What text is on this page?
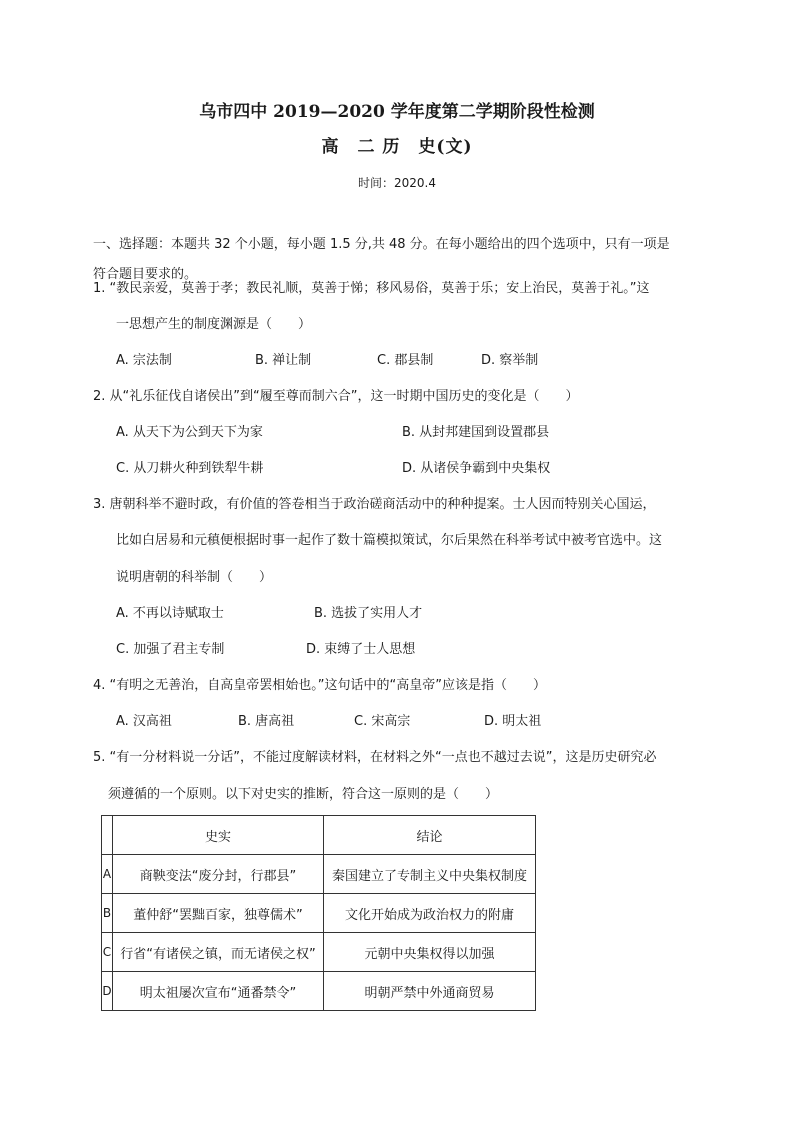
乌市四中 2019—2020 学年度第二学期阶段性检测
高　二 历　史(文)
时间：2020.4
一、选择题：本题共 32 个小题，每小题 1.5 分,共 48 分。在每小题给出的四个选项中，只有一项是
符合题目要求的。
1. “教民亲爱，莫善于孝；教民礼顺，莫善于悌；移风易俗，莫善于乐；安上治民，莫善于礼。”这
一思想产生的制度渊源是（　　）
A. 宗法制	B. 禅让制	C. 郡县制	D. 察举制
2. 从“礼乐征伐自诸侯出”到“履至尊而制六合”，这一时期中国历史的变化是（　　）
A. 从天下为公到天下为家	B. 从封邦建国到设置郡县
C. 从刀耕火种到铁犁牛耕	D. 从诸侯争霸到中央集权
3. 唐朝科举不避时政，有价值的答卷相当于政治磋商活动中的种种提案。士人因而特别关心国运，
比如白居易和元稹便根据时事一起作了数十篇模拟策试，尔后果然在科举考试中被考官选中。这
说明唐朝的科举制（　　）
A. 不再以诗赋取士	B. 选拔了实用人才
C. 加强了君主专制	D. 束缚了士人思想
4. “有明之无善治，自高皇帝罢相始也。”这句话中的“高皇帝”应该是指（　　）
A. 汉高祖	B. 唐高祖	C. 宋高宗	D. 明太祖
5. “有一分材料说一分话”，不能过度解读材料，在材料之外“一点也不越过去说”，这是历史研究必
须遵循的一个原则。以下对史实的推断，符合这一原则的是（　　）
	史实	结论
A	商鞅变法“废分封，行郡县”	秦国建立了专制主义中央集权制度
B	董仲舒“罢黜百家，独尊儒术”	文化开始成为政治权力的附庸
C	行省“有诸侯之镇，而无诸侯之权”	元朝中央集权得以加强
D	明太祖屡次宣布“通番禁令”	明朝严禁中外通商贸易
